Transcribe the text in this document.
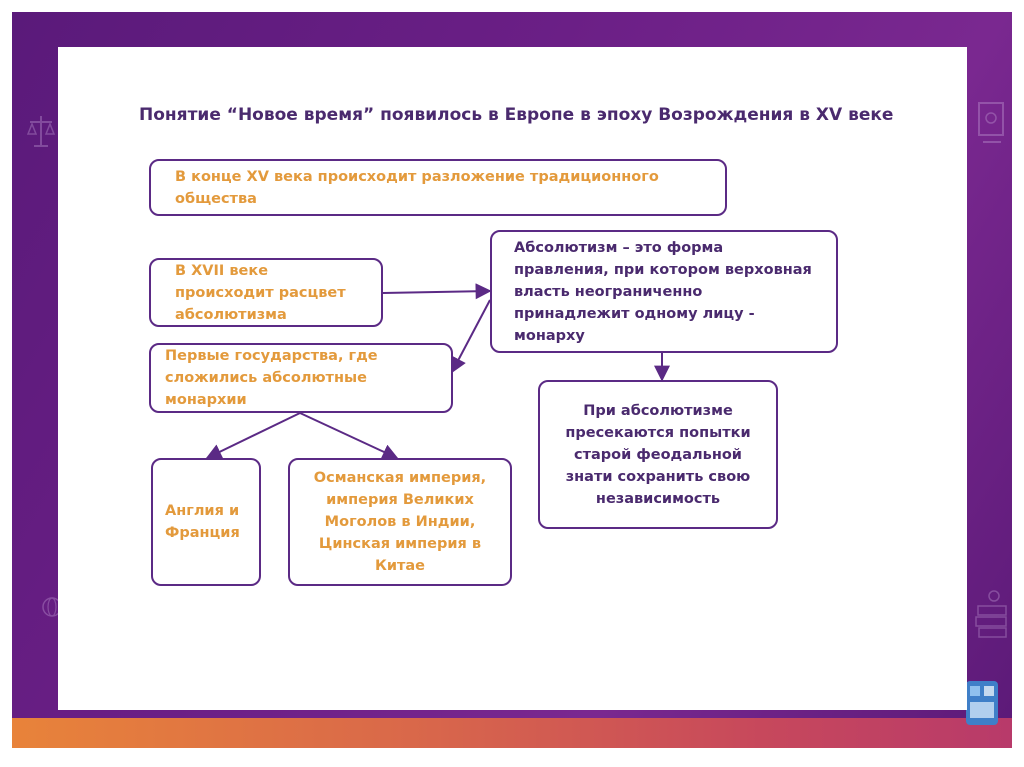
Понятие “Новое время” появилось в Европе в эпоху Возрождения в XV веке
В конце XV века происходит разложение традиционного общества
В XVII веке происходит расцвет абсолютизма
Первые государства, где сложились абсолютные монархии
Англия и Франция
Османская империя, империя Великих Моголов в Индии, Цинская империя в Китае
Абсолютизм – это форма правления, при котором верховная власть неограниченно принадлежит одному лицу - монарху
При абсолютизме пресекаются попытки старой феодальной знати сохранить свою независимость
